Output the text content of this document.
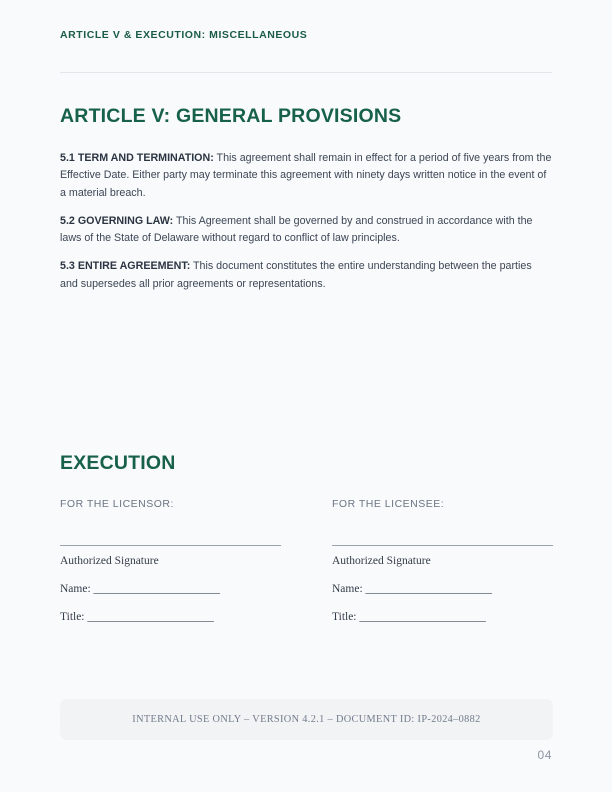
ARTICLE V & EXECUTION: MISCELLANEOUS
ARTICLE V: GENERAL PROVISIONS

5.1 TERM AND TERMINATION: This agreement shall remain in effect for a period of five years from the Effective Date. Either party may terminate this agreement with ninety days written notice in the event of a material breach.

5.2 GOVERNING LAW: This Agreement shall be governed by and construed in accordance with the laws of the State of Delaware without regard to conflict of law principles.

5.3 ENTIRE AGREEMENT: This document constitutes the entire understanding between the parties and supersedes all prior agreements or representations.

EXECUTION
FOR THE LICENSOR:
Authorized Signature
Name: ______________________
Title: ______________________
FOR THE LICENSEE:
Authorized Signature
Name: ______________________
Title: ______________________
INTERNAL USE ONLY – VERSION 4.2.1 – DOCUMENT ID: IP-2024–0882
04
